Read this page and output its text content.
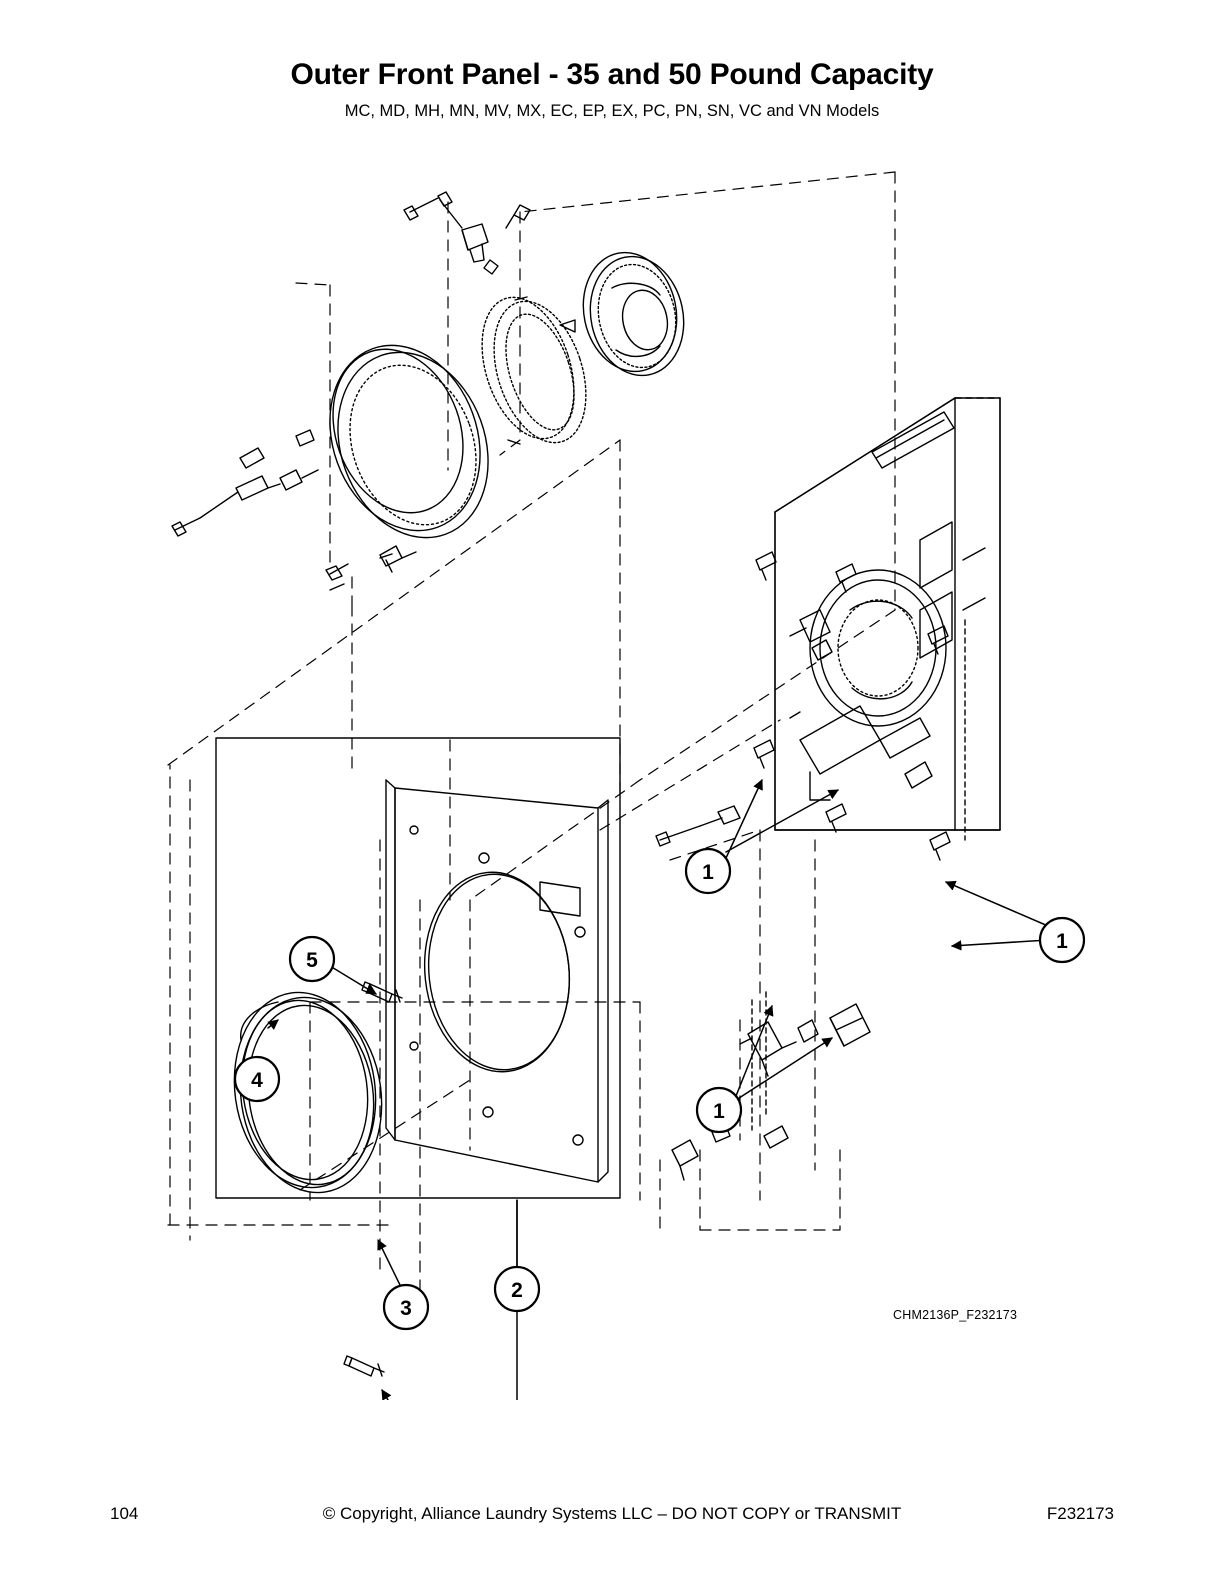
Outer Front Panel - 35 and 50 Pound Capacity
MC, MD, MH, MN, MV, MX, EC, EP, EX, PC, PN, SN, VC and VN Models
1
1
1
5
4
3
2
CHM2136P_F232173
104	© Copyright, Alliance Laundry Systems LLC – DO NOT COPY or TRANSMIT	F232173
